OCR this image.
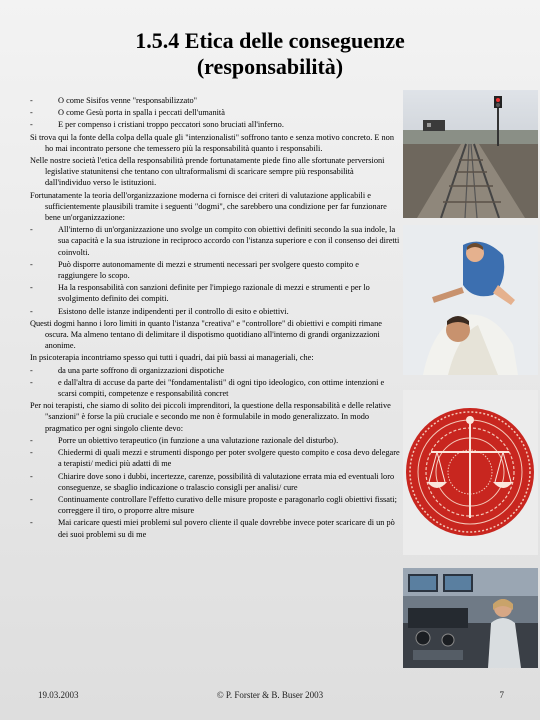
1.5.4 Etica delle conseguenze
(responsabilità)
-	O come Sisifos venne "responsabilizzato"
-	O come Gesù porta in spalla i peccati dell'umanità
-	E per compenso i cristiani troppo peccatori sono bruciati all'inferno.
Si trova qui la fonte della colpa della quale gli "intenzionalisti" soffrono tanto e senza motivo concreto. E non ho mai incontrato persone che temessero più la responsabilità quanto i responsabili.
Nelle nostre società l'etica della responsabilità prende fortunatamente piede fino alle sfortunate perversioni legislative statunitensi che tentano con ultraformalismi di scaricare sempre più responsabilità dall'individuo verso le istituzioni.
Fortunatamente la teoria dell'organizzazione moderna ci fornisce dei criteri di valutazione applicabili e sufficientemente plausibili tramite i seguenti "dogmi", che sarebbero una condizione per far funzionare bene un'organizzazione:
-	All'interno di un'organizzazione uno svolge un compito con obiettivi definiti secondo la sua indole, la sua capacità e la sua istruzione in reciproco accordo con l'istanza superiore e con il consenso dei diretti coinvolti.
-	Può disporre autonomamente di mezzi e strumenti necessari per svolgere questo compito e raggiungere lo scopo.
-	Ha la responsabilità con sanzioni definite per l'impiego razionale di mezzi e strumenti e per lo svolgimento definito dei compiti.
-	Esistono delle istanze indipendenti per il controllo di esito e obiettivi.
Questi dogmi hanno i loro limiti in quanto l'istanza "creativa" e "controllore" di obiettivi e compiti rimane oscura. Ma almeno tentano di delimitare il dispotismo quotidiano all'interno di grandi organizzazioni anonime.
In psicoterapia incontriamo spesso qui tutti i quadri, dai più bassi ai manageriali, che:
-	da una parte soffrono di organizzazioni dispotiche
-	e dall'altra di accuse da parte dei "fondamentalisti" di ogni tipo ideologico, con ottime intenzioni e scarsi compiti, competenze e responsabilità concret
Per noi terapisti, che siamo di solito dei piccoli imprenditori, la questione della responsabilità e delle relative "sanzioni" è forse la più cruciale e secondo me non è formulabile in modo generalizzato. In modo pragmatico per ogni singolo cliente devo:
-	Porre un obiettivo terapeutico (in funzione a una valutazione razionale del disturbo).
-	Chiedermi di quali mezzi e strumenti dispongo per poter svolgere questo compito e cosa devo delegare a terapisti/ medici più adatti di me
-	Chiarire dove sono i dubbi, incertezze, carenze, possibilità di valutazione errata mia ed eventuali loro conseguenze, se sbaglio indicazione o tralascio consigli per analisi/ cure
-	Continuamente controllare l'effetto curativo delle misure proposte e paragonarlo cogli obiettivi fissati; correggere il tiro, o proporre altre misure
-	Mai caricare questi miei problemi sul povero cliente il quale dovrebbe invece poter scaricare di un pò dei suoi problemi su di me
19.03.2003	© P. Forster & B. Buser 2003	7
